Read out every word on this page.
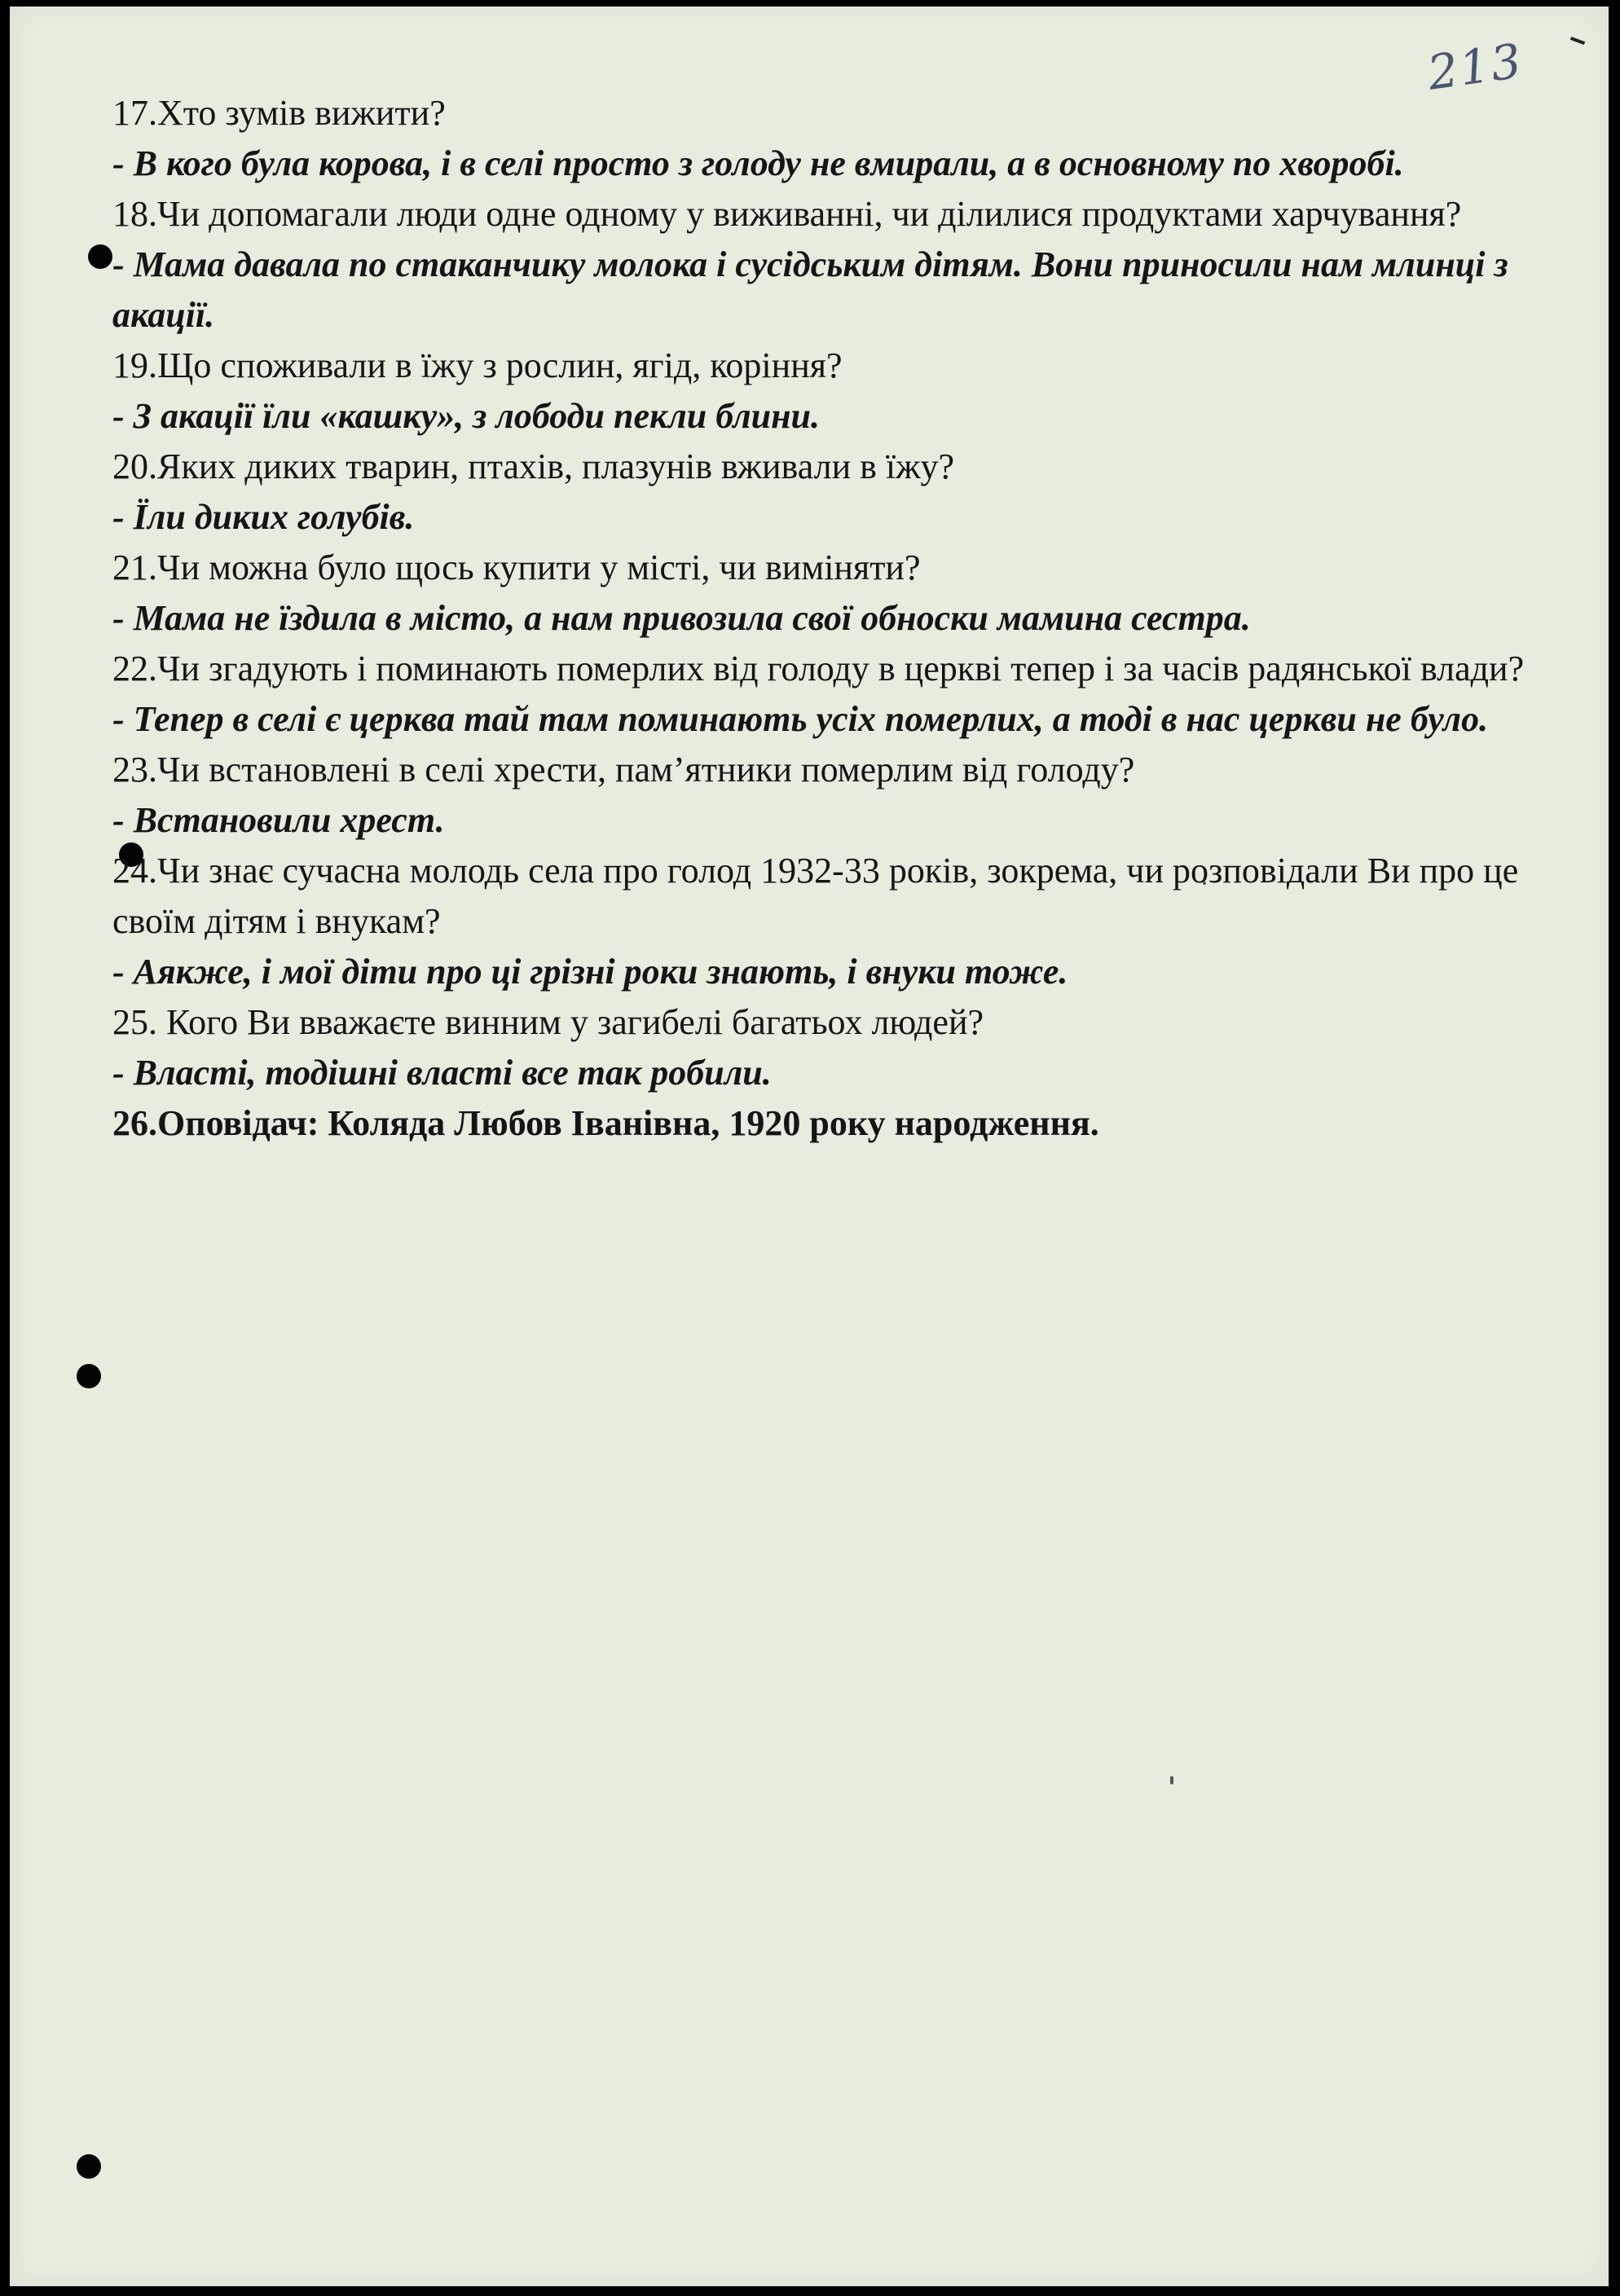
213

17.Хто зумів вижити?

- В кого була корова, і в селі просто з голоду не вмирали, а в основному по хворобі.

18.Чи допомагали люди одне одному у виживанні, чи ділилися продуктами харчування?

- Мама давала по стаканчику молока і сусідським дітям. Вони приносили нам млинці з акації.

19.Що споживали в їжу з рослин, ягід, коріння?

- З акації їли «кашку», з лободи пекли блини.

20.Яких диких тварин, птахів, плазунів вживали в їжу?

- Їли диких голубів.

21.Чи можна було щось купити у місті, чи виміняти?

- Мама не їздила в місто, а нам привозила свої обноски мамина сестра.

22.Чи згадують і поминають померлих від голоду в церкві тепер і за часів радянської влади?

- Тепер в селі є церква тай там поминають усіх померлих, а тоді в нас церкви не було.

23.Чи встановлені в селі хрести, пам’ятники померлим від голоду?

- Встановили хрест.

24.Чи знає сучасна молодь села про голод 1932-33 років, зокрема, чи розповідали Ви про це своїм дітям і внукам?

- Аякже, і мої діти про ці грізні роки знають, і внуки тоже.

25. Кого Ви вважаєте винним у загибелі багатьох людей?

- Власті, тодішні власті все так робили.

26.Оповідач: Коляда Любов Іванівна, 1920 року народження.
